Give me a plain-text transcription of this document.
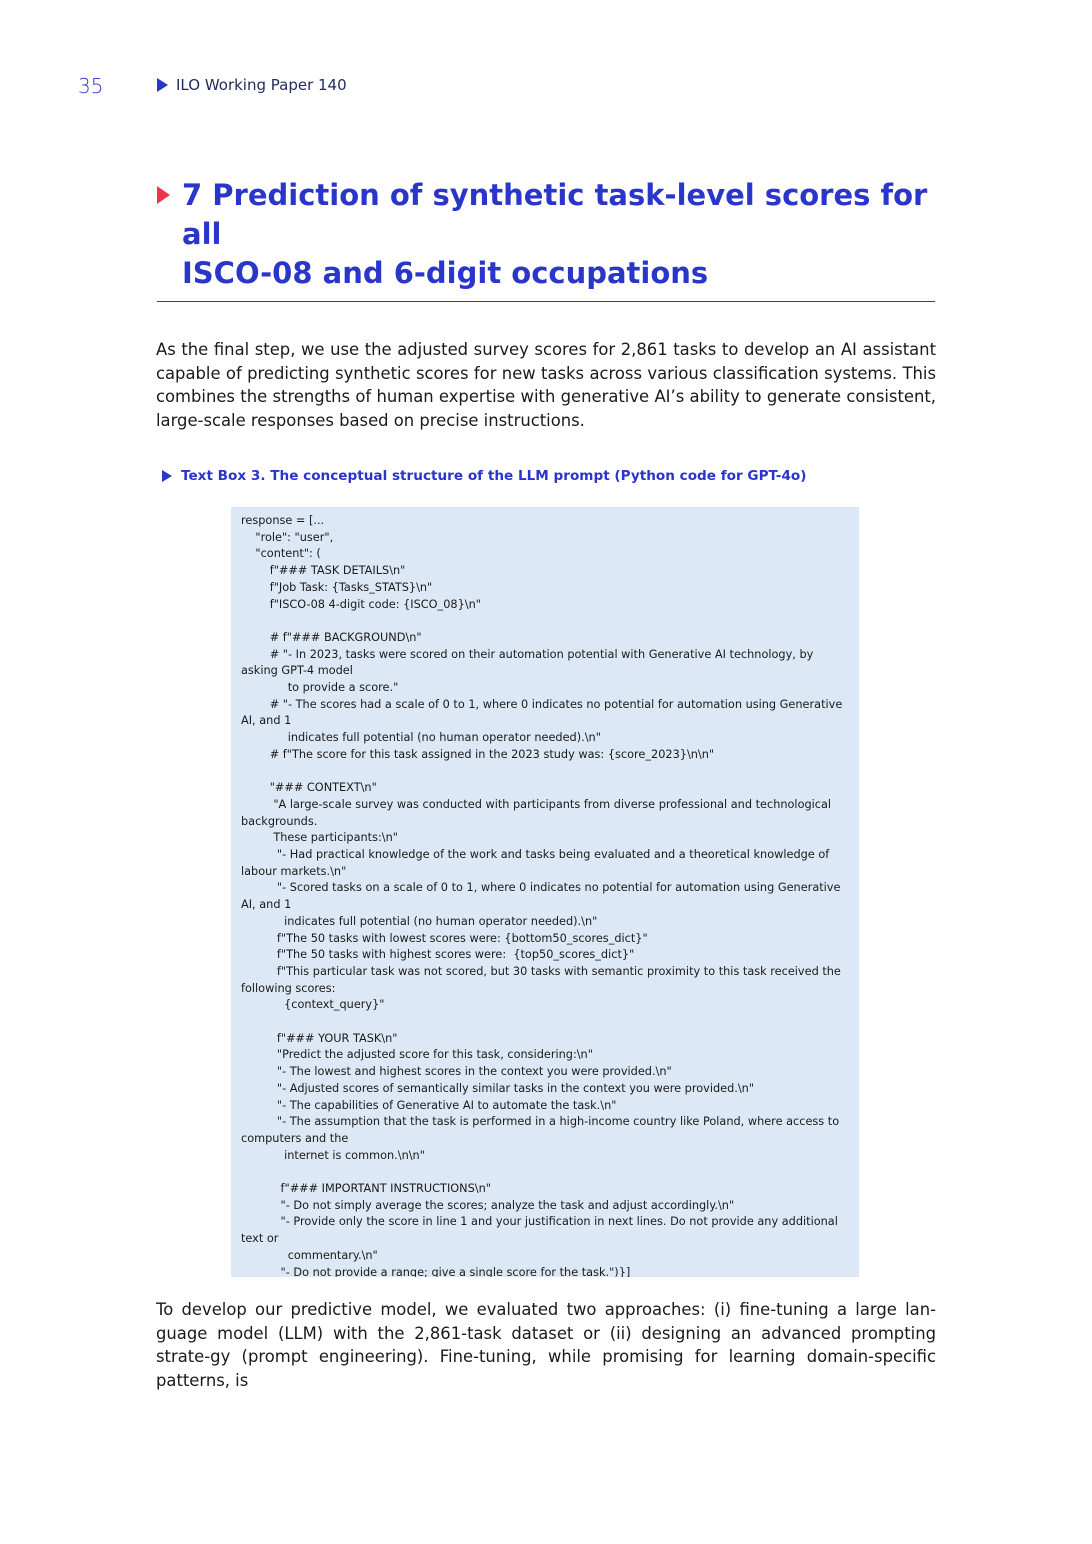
35	ILO Working Paper 140
7 Prediction of synthetic task-level scores for all
ISCO-08 and 6-digit occupations

As the final step, we use the adjusted survey scores for 2,861 tasks to develop an AI assistant capable of predicting synthetic scores for new tasks across various classification systems. This combines the strengths of human expertise with generative AI’s ability to generate consistent, large-scale responses based on precise instructions.

Text Box 3. The conceptual structure of the LLM prompt (Python code for GPT-4o)
response = [...
"role": "user",
"content": (
f"### TASK DETAILS\n"
f"Job Task: {Tasks_STATS}\n"
f"ISCO-08 4-digit code: {ISCO_08}\n"
# f"### BACKGROUND\n"
# "- In 2023, tasks were scored on their automation potential with Generative AI technology, by asking GPT-4 model
to provide a score."
# "- The scores had a scale of 0 to 1, where 0 indicates no potential for automation using Generative AI, and 1
indicates full potential (no human operator needed).\n"
# f"The score for this task assigned in the 2023 study was: {score_2023}\n\n"
"### CONTEXT\n"
"A large-scale survey was conducted with participants from diverse professional and technological backgrounds.
These participants:\n"
"- Had practical knowledge of the work and tasks being evaluated and a theoretical knowledge of labour markets.\n"
"- Scored tasks on a scale of 0 to 1, where 0 indicates no potential for automation using Generative AI, and 1
indicates full potential (no human operator needed).\n"
f"The 50 tasks with lowest scores were: {bottom50_scores_dict}"
f"The 50 tasks with highest scores were:  {top50_scores_dict}"
f"This particular task was not scored, but 30 tasks with semantic proximity to this task received the following scores:
{context_query}"
f"### YOUR TASK\n"
"Predict the adjusted score for this task, considering:\n"
"- The lowest and highest scores in the context you were provided.\n"
"- Adjusted scores of semantically similar tasks in the context you were provided.\n"
"- The capabilities of Generative AI to automate the task.\n"
"- The assumption that the task is performed in a high-income country like Poland, where access to computers and the
internet is common.\n\n"
f"### IMPORTANT INSTRUCTIONS\n"
"- Do not simply average the scores; analyze the task and adjust accordingly.\n"
"- Provide only the score in line 1 and your justification in next lines. Do not provide any additional text or
commentary.\n"
"- Do not provide a range; give a single score for the task.")}]

To develop our predictive model, we evaluated two approaches: (i) fine-tuning a large lan-guage model (LLM) with the 2,861-task dataset or (ii) designing an advanced prompting strate-gy (prompt engineering). Fine-tuning, while promising for learning domain-specific patterns, is
